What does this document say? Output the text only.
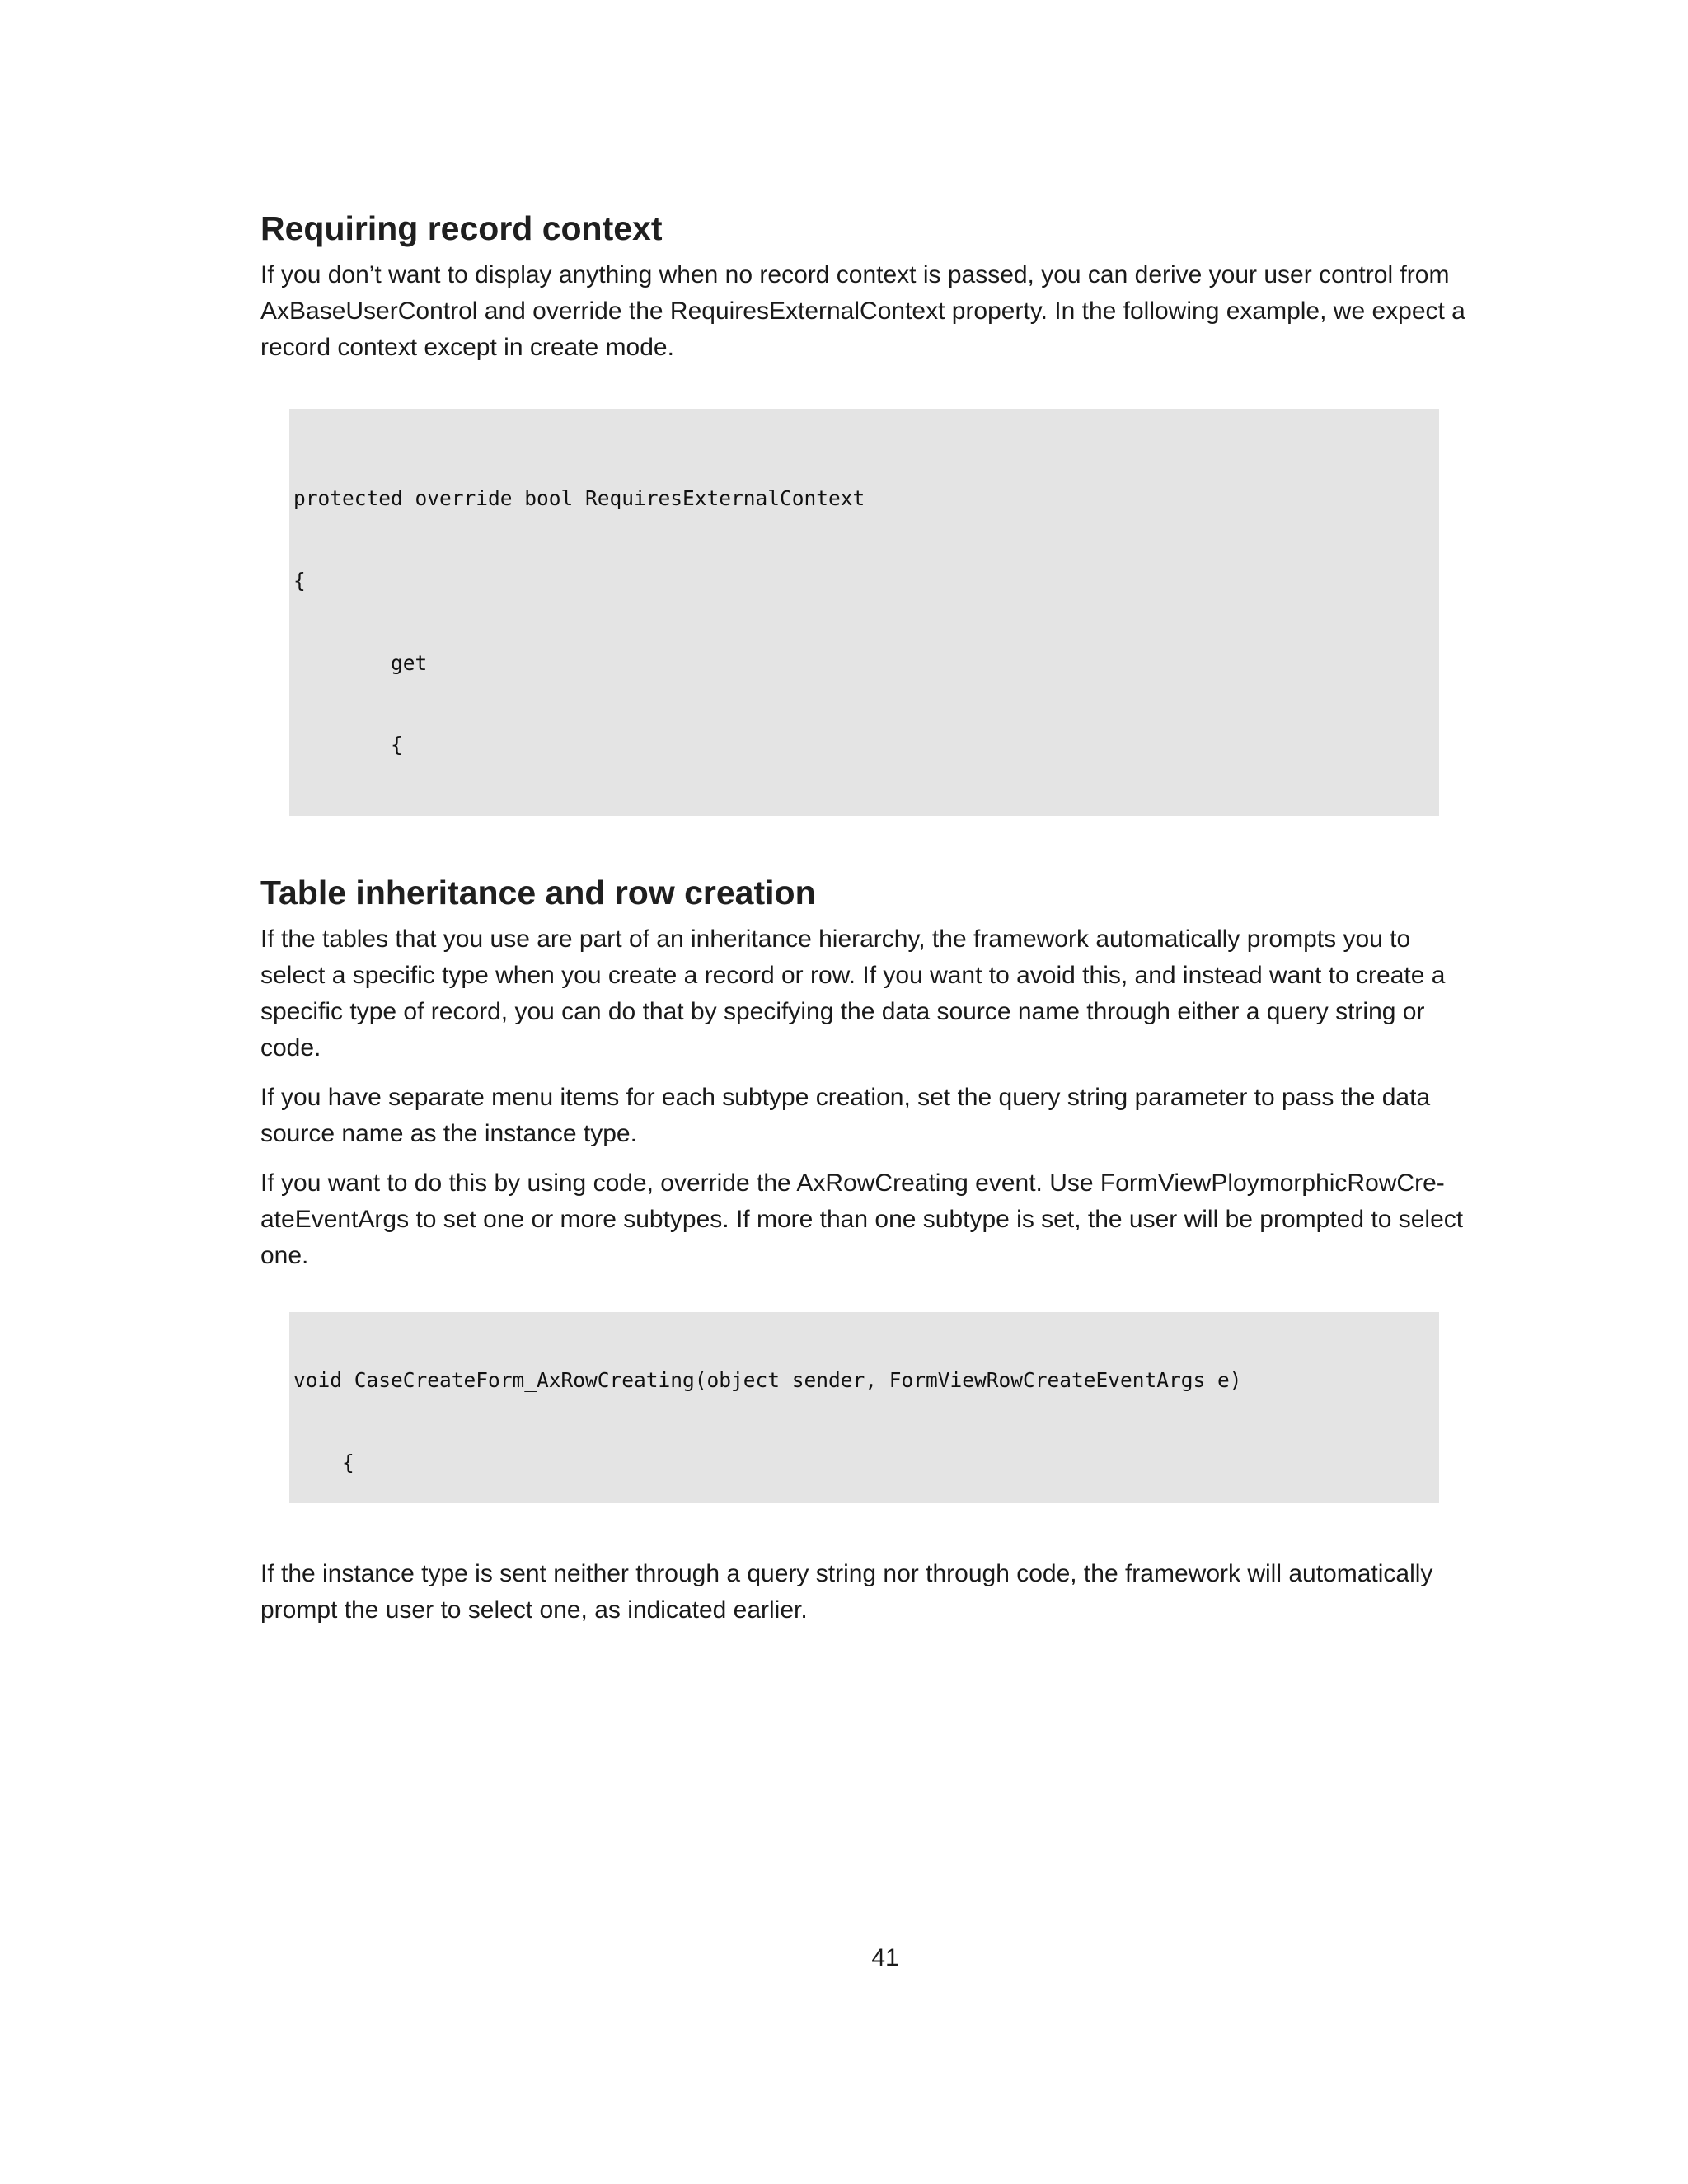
Requiring record context

If you don’t want to display anything when no record context is passed, you can derive your user control from AxBaseUserControl and override the RequiresExternalContext property. In the following example, we expect a record context except in create mode.

protected override bool RequiresExternalContext

{

get

{

Table inheritance and row creation

If the tables that you use are part of an inheritance hierarchy, the framework automatically prompts you to select a specific type when you create a record or row. If you want to avoid this, and instead want to create a specific type of record, you can do that by specifying the data source name through either a query string or code.

If you have separate menu items for each subtype creation, set the query string parameter to pass the data source name as the instance type.

If you want to do this by using code, override the AxRowCreating event. Use FormViewPloymorphicRowCre-ateEventArgs to set one or more subtypes. If more than one subtype is set, the user will be prompted to select one.

void CaseCreateForm_AxRowCreating(object sender, FormViewRowCreateEventArgs e)

{

If the instance type is sent neither through a query string nor through code, the framework will automatically prompt the user to select one, as indicated earlier.

41
